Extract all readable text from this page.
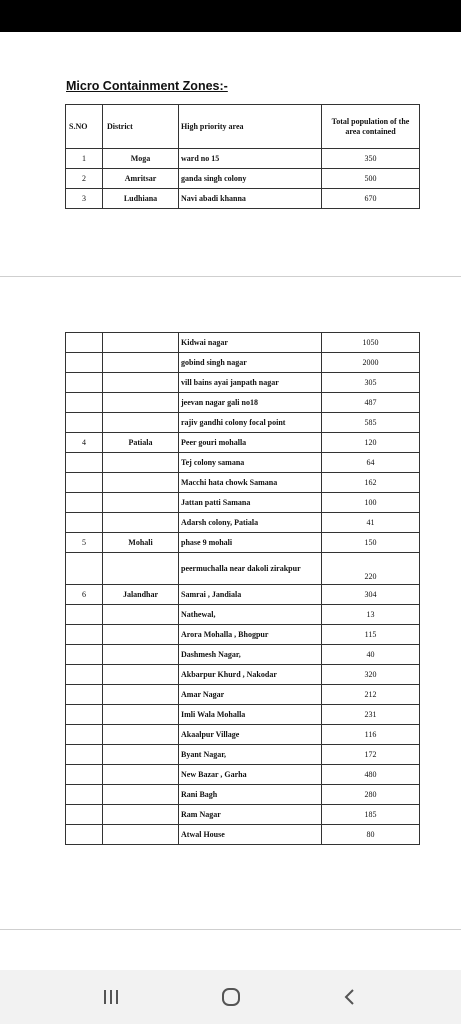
Micro Containment Zones:-
S.NO	District	High priority area	Total population of the area contained
1	Moga	ward no 15	350
2	Amritsar	ganda singh colony	500
3	Ludhiana	Navi abadi khanna	670
		Kidwai nagar	1050
		gobind singh nagar	2000
		vill bains ayai janpath nagar	305
		jeevan nagar gali no18	487
		rajiv gandhi colony focal point	585
4	Patiala	Peer gouri mohalla	120
		Tej colony samana	64
		Macchi hata chowk Samana	162
		Jattan patti Samana	100
		Adarsh colony, Patiala	41
5	Mohali	phase 9 mohali	150
		peermuchalla near dakoli zirakpur	220
6	Jalandhar	Samrai , Jandiala	304
		Nathewal,	13
		Arora Mohalla , Bhogpur	115
		Dashmesh Nagar,	40
		Akbarpur Khurd , Nakodar	320
		Amar Nagar	212
		Imli Wala Mohalla	231
		Akaalpur Village	116
		Byant Nagar,	172
		New Bazar , Garha	480
		Rani Bagh	280
		Ram Nagar	185
		Atwal House	80
